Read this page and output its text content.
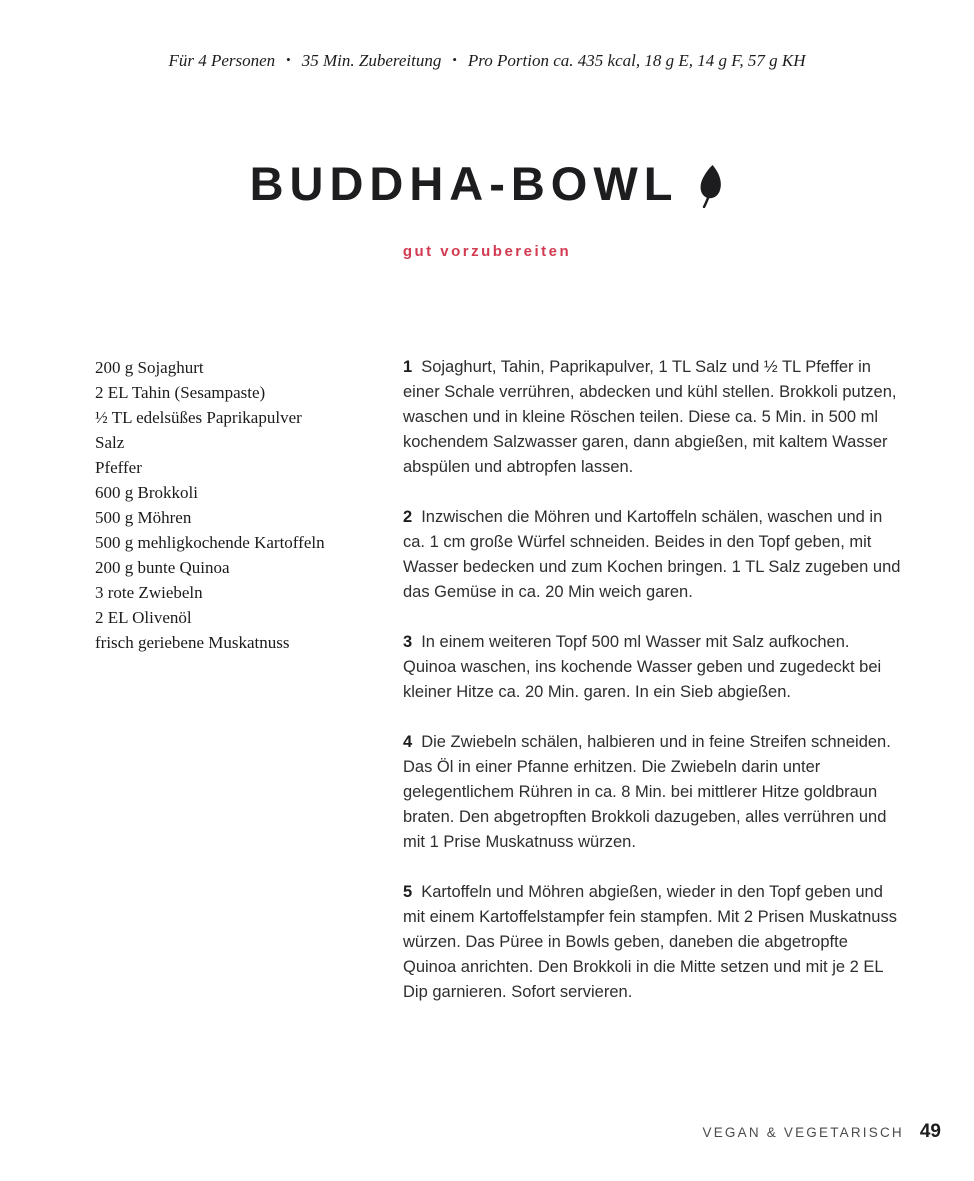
Für 4 Personen • 35 Min. Zubereitung • Pro Portion ca. 435 kcal, 18 g E, 14 g F, 57 g KH
BUDDHA-BOWL
gut vorzubereiten
200 g Sojaghurt
2 EL Tahin (Sesampaste)
½ TL edelsüßes Paprikapulver
Salz
Pfeffer
600 g Brokkoli
500 g Möhren
500 g mehligkochende Kartoffeln
200 g bunte Quinoa
3 rote Zwiebeln
2 EL Olivenöl
frisch geriebene Muskatnuss

1 Sojaghurt, Tahin, Paprikapulver, 1 TL Salz und ½ TL Pfeffer in einer Schale verrühren, abdecken und kühl stellen. Brokkoli putzen, waschen und in kleine Röschen teilen. Diese ca. 5 Min. in 500 ml kochendem Salzwasser garen, dann abgießen, mit kaltem Wasser abspülen und abtropfen lassen.

2 Inzwischen die Möhren und Kartoffeln schälen, waschen und in ca. 1 cm große Würfel schneiden. Beides in den Topf geben, mit Wasser bedecken und zum Kochen bringen. 1 TL Salz zugeben und das Gemüse in ca. 20 Min weich garen.

3 In einem weiteren Topf 500 ml Wasser mit Salz aufkochen. Quinoa waschen, ins kochende Wasser geben und zugedeckt bei kleiner Hitze ca. 20 Min. garen. In ein Sieb abgießen.

4 Die Zwiebeln schälen, halbieren und in feine Streifen schneiden. Das Öl in einer Pfanne erhitzen. Die Zwiebeln darin unter gelegentlichem Rühren in ca. 8 Min. bei mittlerer Hitze goldbraun braten. Den abgetropften Brokkoli dazugeben, alles verrühren und mit 1 Prise Muskatnuss würzen.

5 Kartoffeln und Möhren abgießen, wieder in den Topf geben und mit einem Kartoffelstampfer fein stampfen. Mit 2 Prisen Muskatnuss würzen. Das Püree in Bowls geben, daneben die abgetropfte Quinoa anrichten. Den Brokkoli in die Mitte setzen und mit je 2 EL Dip garnieren. Sofort servieren.

VEGAN & VEGETARISCH 49
